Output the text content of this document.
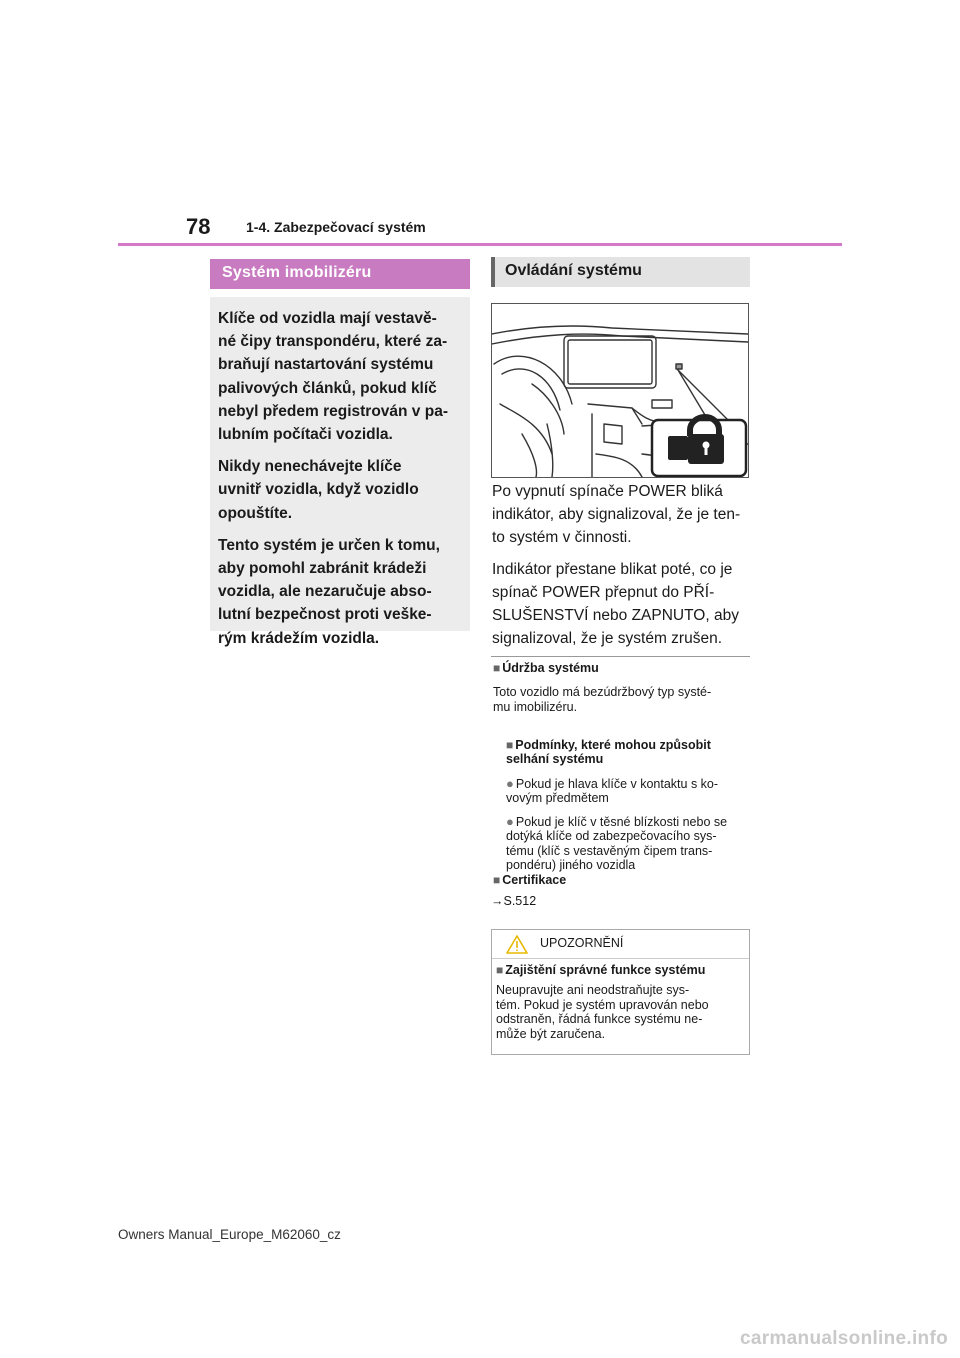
78	1-4. Zabezpečovací systém
Systém imobilizéru

Klíče od vozidla mají vestavě-
né čipy transpondéru, které za-
braňují nastartování systému
palivových článků, pokud klíč
nebyl předem registrován v pa-
lubním počítači vozidla.

Nikdy nenechávejte klíče
uvnitř vozidla, když vozidlo
opouštíte.

Tento systém je určen k tomu,
aby pomohl zabránit krádeži
vozidla, ale nezaručuje abso-
lutní bezpečnost proti veške-
rým krádežím vozidla.

Ovládání systému

Po vypnutí spínače POWER bliká
indikátor, aby signalizoval, že je ten-
to systém v činnosti.

Indikátor přestane blikat poté, co je
spínač POWER přepnut do PŘÍ-
SLUŠENSTVÍ nebo ZAPNUTO, aby
signalizoval, že je systém zrušen.

■ Údržba systému
Toto vozidlo má bezúdržbový typ systé-
mu imobilizéru.

■ Podmínky, které mohou způsobit
selhání systému

● Pokud je hlava klíče v kontaktu s ko-
vovým předmětem

● Pokud je klíč v těsné blízkosti nebo se
dotýká klíče od zabezpečovacího sys-
tému (klíč s vestavěným čipem trans-
pondéru) jiného vozidla

■ Certifikace
→S.512
UPOZORNĚNÍ
■ Zajištění správné funkce systému
Neupravujte ani neodstraňujte sys-
tém. Pokud je systém upravován nebo
odstraněn, řádná funkce systému ne-
může být zaručena.
Owners Manual_Europe_M62060_cz
carmanualsonline.info
